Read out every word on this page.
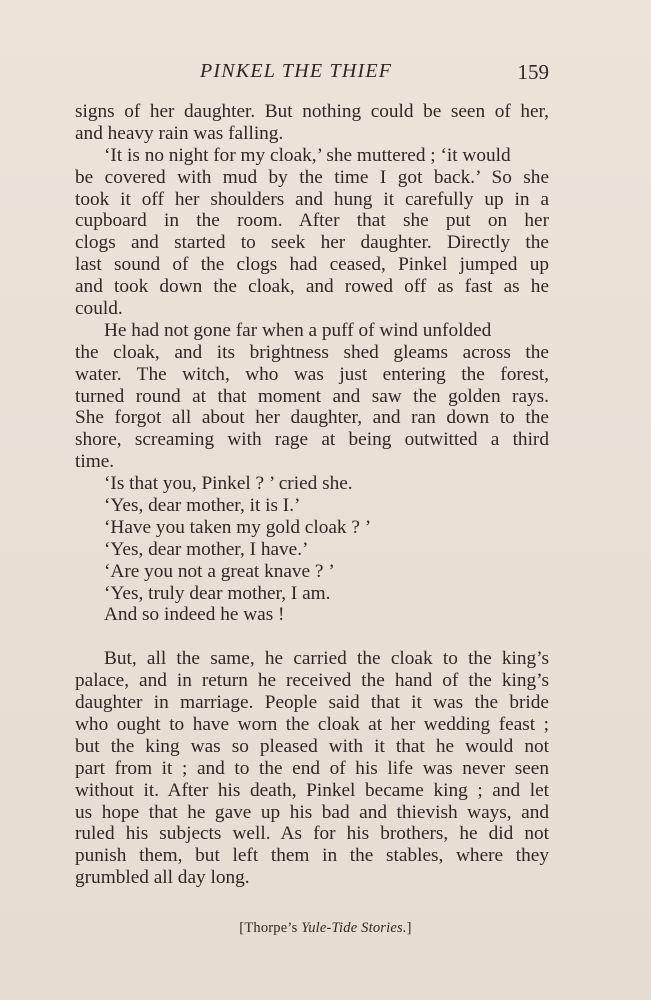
PINKEL THE THIEF	159
signs of her daughter. But nothing could be seen of her,
and heavy rain was falling.
‘It is no night for my cloak,’ she muttered ; ‘it would
be covered with mud by the time I got back.’ So she
took it off her shoulders and hung it carefully up in a
cupboard in the room. After that she put on her
clogs and started to seek her daughter. Directly the
last sound of the clogs had ceased, Pinkel jumped up
and took down the cloak, and rowed off as fast as he
could.
He had not gone far when a puff of wind unfolded
the cloak, and its brightness shed gleams across the
water. The witch, who was just entering the forest,
turned round at that moment and saw the golden rays.
She forgot all about her daughter, and ran down to the
shore, screaming with rage at being outwitted a third
time.
‘Is that you, Pinkel ? ’ cried she.
‘Yes, dear mother, it is I.’
‘Have you taken my gold cloak ? ’
‘Yes, dear mother, I have.’
‘Are you not a great knave ? ’
‘Yes, truly dear mother, I am.
And so indeed he was !
But, all the same, he carried the cloak to the king’s
palace, and in return he received the hand of the king’s
daughter in marriage. People said that it was the bride
who ought to have worn the cloak at her wedding feast ;
but the king was so pleased with it that he would not
part from it ; and to the end of his life was never seen
without it. After his death, Pinkel became king ; and let
us hope that he gave up his bad and thievish ways, and
ruled his subjects well. As for his brothers, he did not
punish them, but left them in the stables, where they
grumbled all day long.
[Thorpe’s Yule-Tide Stories.]
